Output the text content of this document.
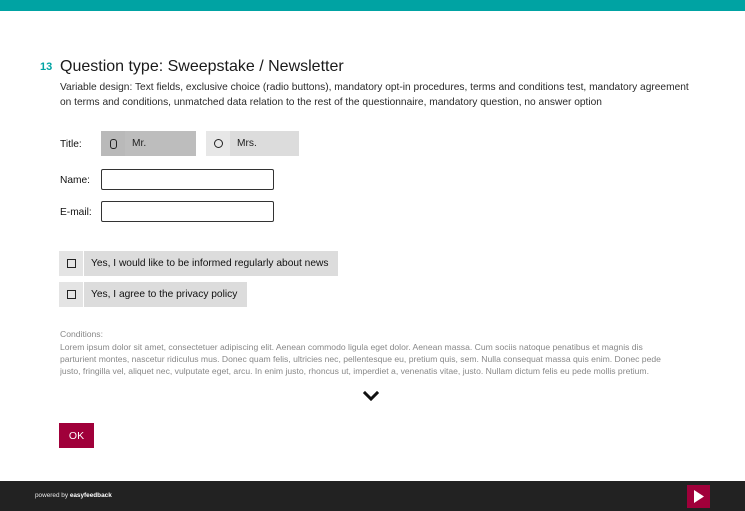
13 Question type: Sweepstake / Newsletter
Variable design: Text fields, exclusive choice (radio buttons), mandatory opt-in procedures, terms and conditions test, mandatory agreement on terms and conditions, unmatched data relation to the rest of the questionnaire, mandatory question, no answer option
Title:	Mr.	Mrs.
Name:
E-mail:
Yes, I would like to be informed regularly about news
Yes, I agree to the privacy policy
Conditions:
Lorem ipsum dolor sit amet, consectetuer adipiscing elit. Aenean commodo ligula eget dolor. Aenean massa. Cum sociis natoque penatibus et magnis dis parturient montes, nascetur ridiculus mus. Donec quam felis, ultricies nec, pellentesque eu, pretium quis, sem. Nulla consequat massa quis enim. Donec pede justo, fringilla vel, aliquet nec, vulputate eget, arcu. In enim justo, rhoncus ut, imperdiet a, venenatis vitae, justo. Nullam dictum felis eu pede mollis pretium.
OK
powered by easyfeedback
